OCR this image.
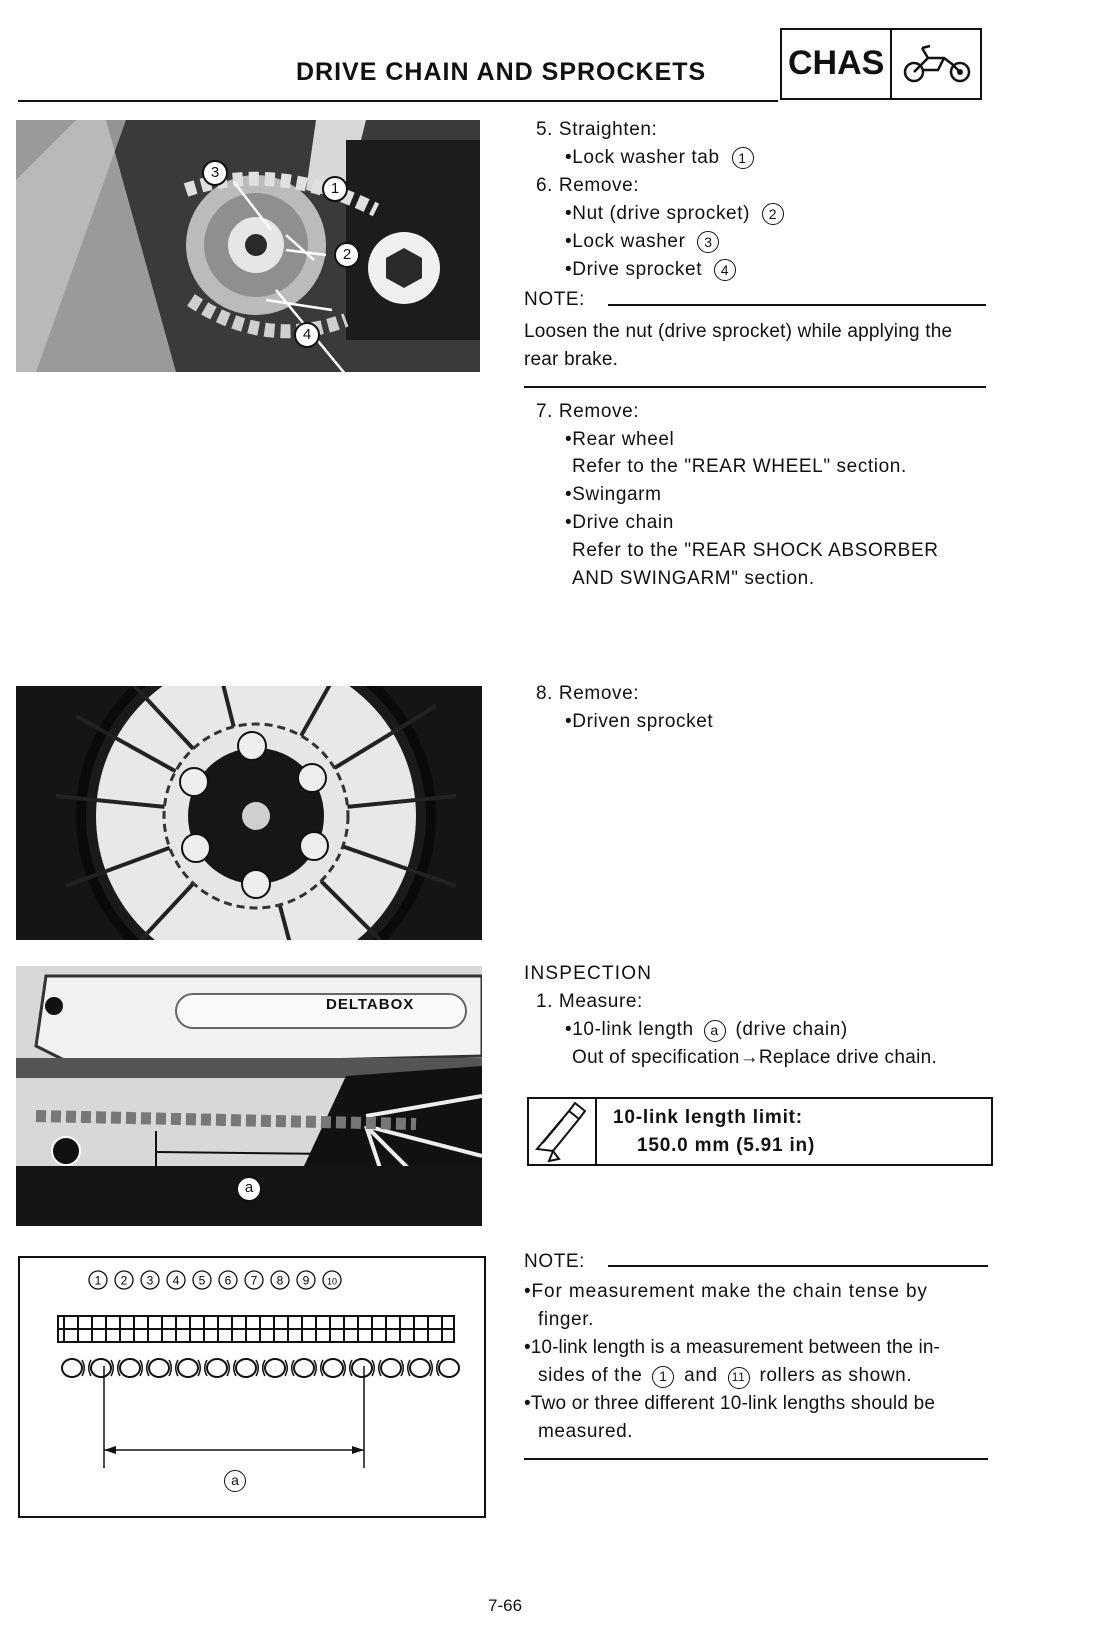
DRIVE CHAIN AND SPROCKETS CHAS
3
1
2
4
5. Straighten:
•Lock washer tab 1
6. Remove:
•Nut (drive sprocket) 2
•Lock washer 3
•Drive sprocket 4
NOTE:
Loosen the nut (drive sprocket) while applying the
rear brake.
7. Remove:
•Rear wheel
Refer to the "REAR WHEEL" section.
•Swingarm
•Drive chain
Refer to the "REAR SHOCK ABSORBER
AND SWINGARM" section.
8. Remove:
•Driven sprocket
DELTABOX
a
INSPECTION
1. Measure:
•10-link length a (drive chain)
Out of specification→Replace drive chain.
10-link length limit:
150.0 mm (5.91 in)
1 2 3 4 5 6 7 8 9 10
a
NOTE:
•For measurement make the chain tense by
finger.
•10-link length is a measurement between the in-
sides of the 1 and 11 rollers as shown.
•Two or three different 10-link lengths should be
measured.
7-66
